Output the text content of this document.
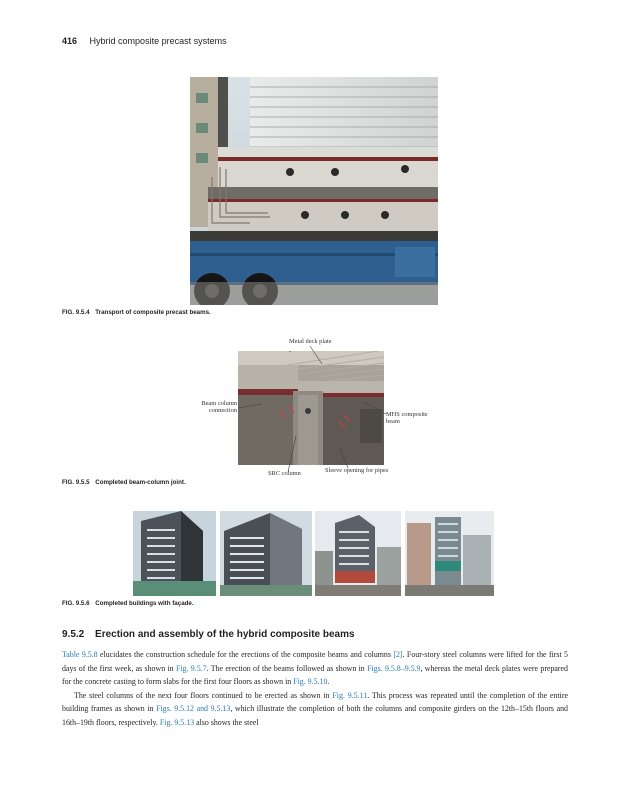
416 Hybrid composite precast systems
FIG. 9.5.4 Transport of composite precast beams.
Metal deck plate
Beam column
connection
MHS composite
beam
SRC column	Sleeve opening for pipes
FIG. 9.5.5 Completed beam-column joint.
FIG. 9.5.6 Completed buildings with façade.
9.5.2 Erection and assembly of the hybrid composite beams

Table 9.5.8 elucidates the construction schedule for the erections of the composite beams and columns [2]. Four-story steel columns were lifted for the first 5 days of the first week, as shown in Fig. 9.5.7. The erection of the beams followed as shown in Figs. 9.5.8–9.5.9, whereas the metal deck plates were prepared for the concrete casting to form slabs for the first four floors as shown in Fig. 9.5.10.

The steel columns of the next four floors continued to be erected as shown in Fig. 9.5.11. This process was repeated until the completion of the entire building frames as shown in Figs. 9.5.12 and 9.5.13, which illustrate the completion of both the columns and composite girders on the 12th–15th floors and 16th–19th floors, respectively. Fig. 9.5.13 also shows the steel
